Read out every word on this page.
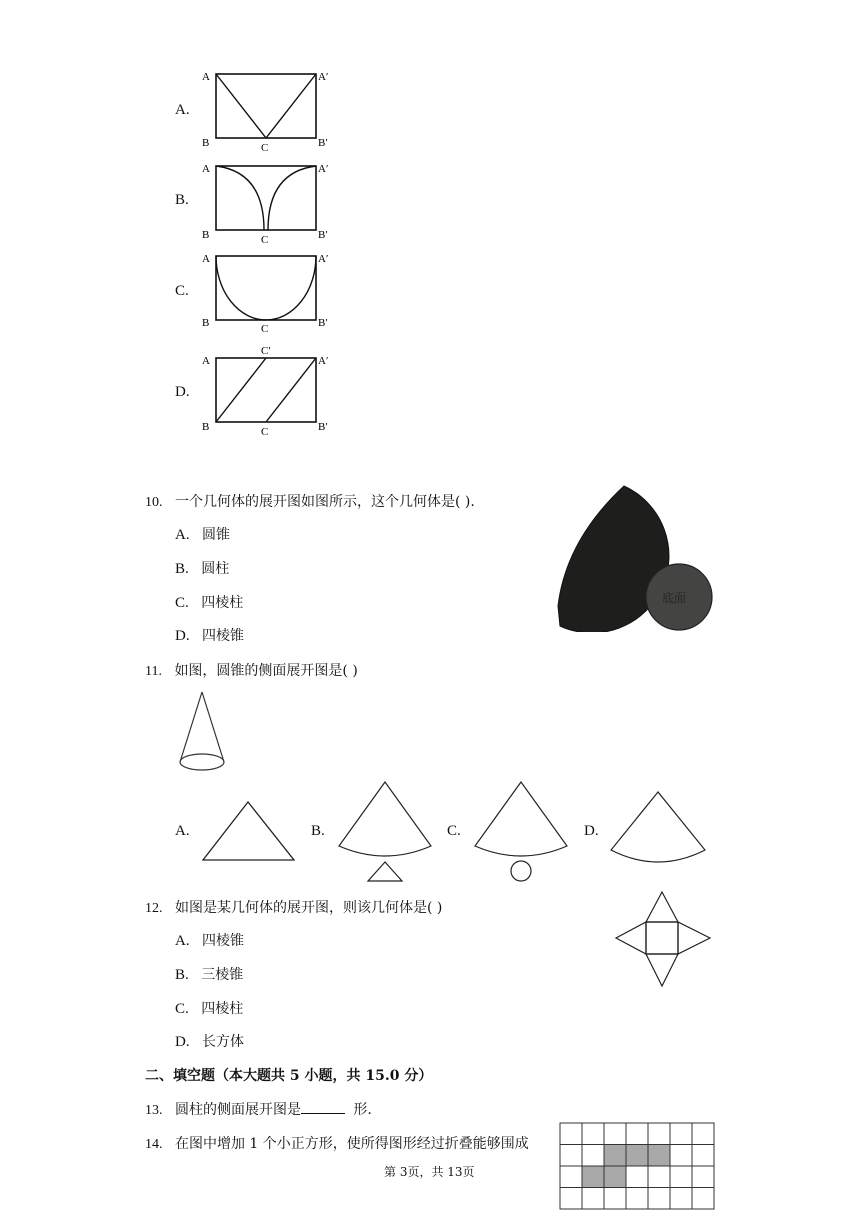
A.
A	A′
B	B′
C
B.
A	A′
B	B′
C
C.
A	A′
B	B′
C
D.
C′
A	A′
B	B′
C
10. 一个几何体的展开图如图所示，这个几何体是( ).
A. 圆锥
B. 圆柱
C. 四棱柱
D. 四棱锥
底面
11. 如图，圆锥的侧面展开图是( )
A.	B.	C.	D.
12. 如图是某几何体的展开图，则该几何体是( )
A. 四棱锥
B. 三棱锥
C. 四棱柱
D. 长方体
二、填空题（本大题共 5 小题，共 15.0 分）
13. 圆柱的侧面展开图是	形.
14. 在图中增加 1 个小正方形，使所得图形经过折叠能够围成
第 3页，共 13页
